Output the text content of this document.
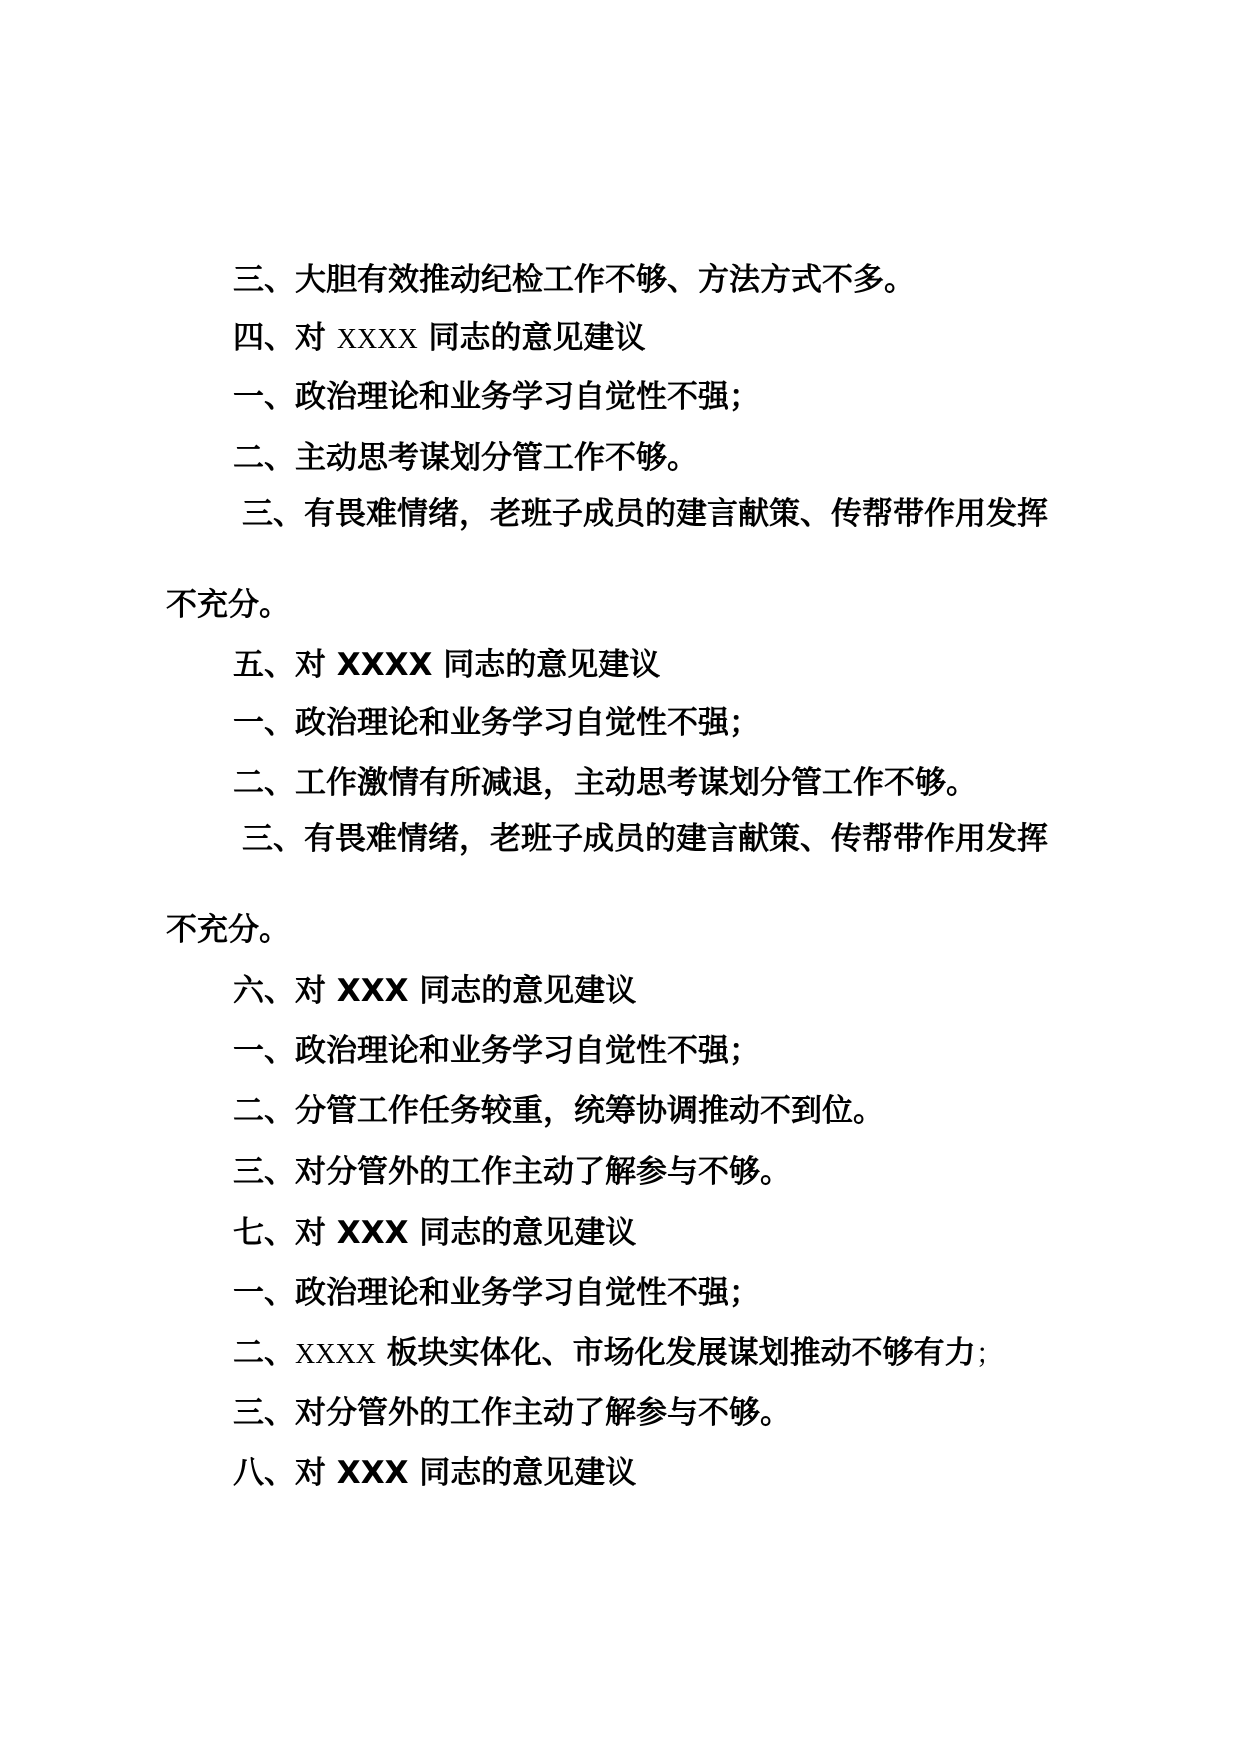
三、大胆有效推动纪检工作不够、方法方式不多。

四、对 XXXX 同志的意见建议

一、政治理论和业务学习自觉性不强；

二、主动思考谋划分管工作不够。

三、有畏难情绪，老班子成员的建言献策、传帮带作用发挥

不充分。

五、对 XXXX 同志的意见建议

一、政治理论和业务学习自觉性不强；

二、工作激情有所减退，主动思考谋划分管工作不够。

三、有畏难情绪，老班子成员的建言献策、传帮带作用发挥

不充分。

六、对 XXX 同志的意见建议

一、政治理论和业务学习自觉性不强；

二、分管工作任务较重，统筹协调推动不到位。

三、对分管外的工作主动了解参与不够。

七、对 XXX 同志的意见建议

一、政治理论和业务学习自觉性不强；

二、XXXX 板块实体化、市场化发展谋划推动不够有力；

三、对分管外的工作主动了解参与不够。

八、对 XXX 同志的意见建议
